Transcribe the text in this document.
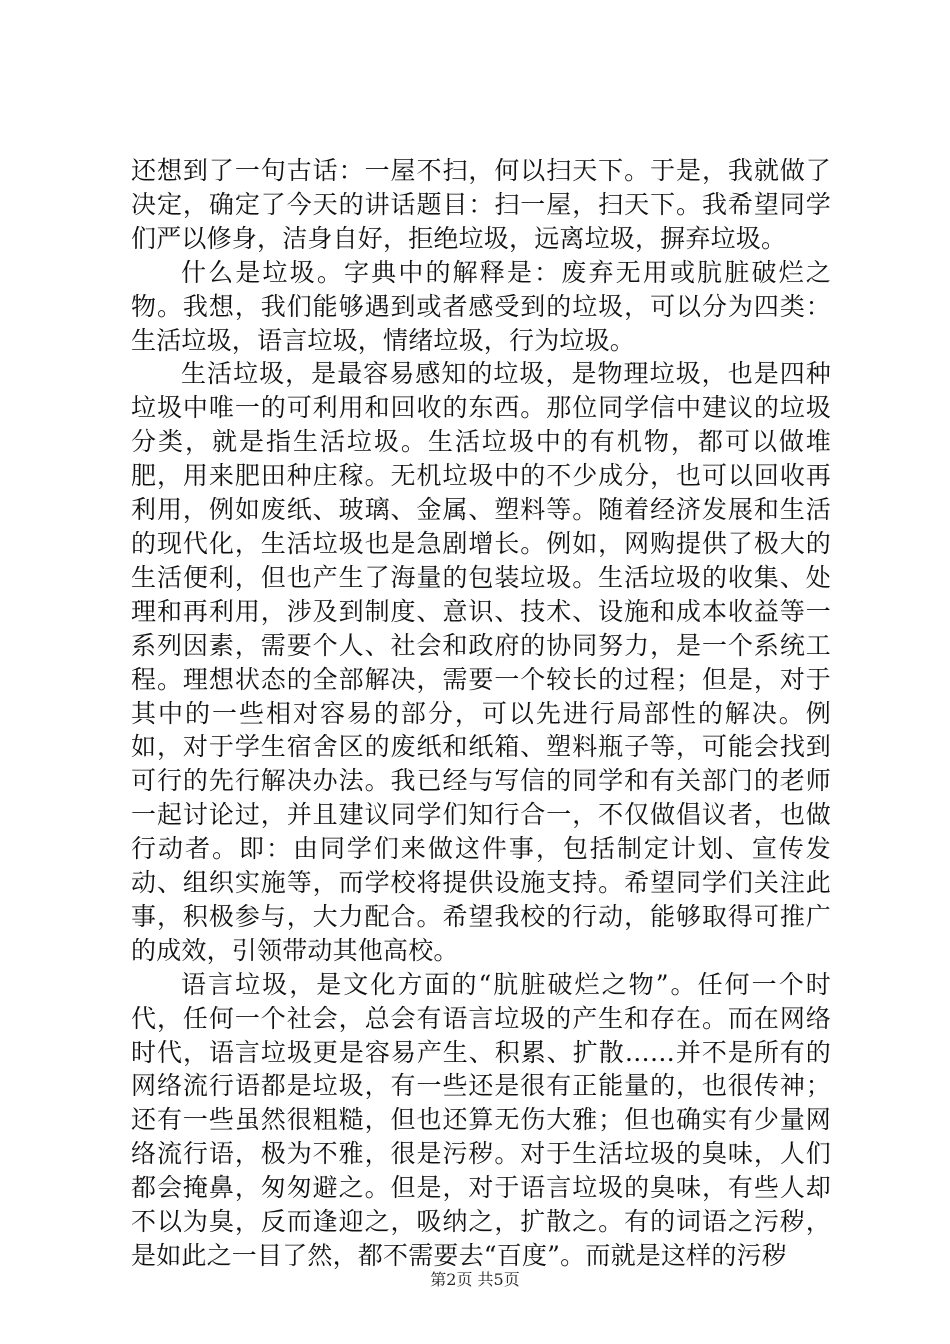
还想到了一句古话：一屋不扫，何以扫天下。于是，我就做了决定，确定了今天的讲话题目：扫一屋，扫天下。我希望同学们严以修身，洁身自好，拒绝垃圾，远离垃圾，摒弃垃圾。

什么是垃圾。字典中的解释是：废弃无用或肮脏破烂之物。我想，我们能够遇到或者感受到的垃圾，可以分为四类：生活垃圾，语言垃圾，情绪垃圾，行为垃圾。

生活垃圾，是最容易感知的垃圾，是物理垃圾，也是四种垃圾中唯一的可利用和回收的东西。那位同学信中建议的垃圾分类，就是指生活垃圾。生活垃圾中的有机物，都可以做堆肥，用来肥田种庄稼。无机垃圾中的不少成分，也可以回收再利用，例如废纸、玻璃、金属、塑料等。随着经济发展和生活的现代化，生活垃圾也是急剧增长。例如，网购提供了极大的生活便利，但也产生了海量的包装垃圾。生活垃圾的收集、处理和再利用，涉及到制度、意识、技术、设施和成本收益等一系列因素，需要个人、社会和政府的协同努力，是一个系统工程。理想状态的全部解决，需要一个较长的过程；但是，对于其中的一些相对容易的部分，可以先进行局部性的解决。例如，对于学生宿舍区的废纸和纸箱、塑料瓶子等，可能会找到可行的先行解决办法。我已经与写信的同学和有关部门的老师一起讨论过，并且建议同学们知行合一，不仅做倡议者，也做行动者。即：由同学们来做这件事，包括制定计划、宣传发动、组织实施等，而学校将提供设施支持。希望同学们关注此事，积极参与，大力配合。希望我校的行动，能够取得可推广的成效，引领带动其他高校。

语言垃圾，是文化方面的“肮脏破烂之物”。任何一个时代，任何一个社会，总会有语言垃圾的产生和存在。而在网络时代，语言垃圾更是容易产生、积累、扩散……并不是所有的网络流行语都是垃圾，有一些还是很有正能量的，也很传神；还有一些虽然很粗糙，但也还算无伤大雅；但也确实有少量网络流行语，极为不雅，很是污秽。对于生活垃圾的臭味，人们都会掩鼻，匆匆避之。但是，对于语言垃圾的臭味，有些人却不以为臭，反而逢迎之，吸纳之，扩散之。有的词语之污秽，是如此之一目了然，都不需要去“百度”。而就是这样的污秽

第2页 共5页
